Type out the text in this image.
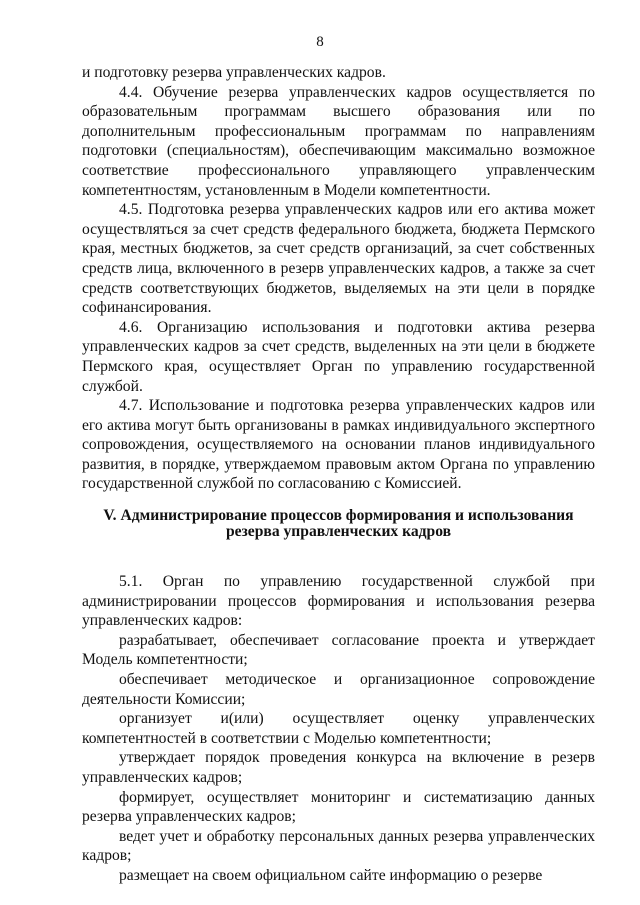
8

и подготовку резерва управленческих кадров.

4.4. Обучение резерва управленческих кадров осуществляется по образовательным программам высшего образования или по дополнительным профессиональным программам по направлениям подготовки (специальностям), обеспечивающим максимально возможное соответствие профессионального управляющего управленческим компетентностям, установленным в Модели компетентности.

4.5. Подготовка резерва управленческих кадров или его актива может осуществляться за счет средств федерального бюджета, бюджета Пермского края, местных бюджетов, за счет средств организаций, за счет собственных средств лица, включенного в резерв управленческих кадров, а также за счет средств соответствующих бюджетов, выделяемых на эти цели в порядке софинансирования.

4.6. Организацию использования и подготовки актива резерва управленческих кадров за счет средств, выделенных на эти цели в бюджете Пермского края, осуществляет Орган по управлению государственной службой.

4.7. Использование и подготовка резерва управленческих кадров или его актива могут быть организованы в рамках индивидуального экспертного сопровождения, осуществляемого на основании планов индивидуального развития, в порядке, утверждаемом правовым актом Органа по управлению государственной службой по согласованию с Комиссией.

V. Администрирование процессов формирования и использования резерва управленческих кадров

5.1. Орган по управлению государственной службой при администрировании процессов формирования и использования резерва управленческих кадров:

разрабатывает, обеспечивает согласование проекта и утверждает Модель компетентности;

обеспечивает методическое и организационное сопровождение деятельности Комиссии;

организует и(или) осуществляет оценку управленческих компетентностей в соответствии с Моделью компетентности;

утверждает порядок проведения конкурса на включение в резерв управленческих кадров;

формирует, осуществляет мониторинг и систематизацию данных резерва управленческих кадров;

ведет учет и обработку персональных данных резерва управленческих кадров;

размещает на своем официальном сайте информацию о резерве
